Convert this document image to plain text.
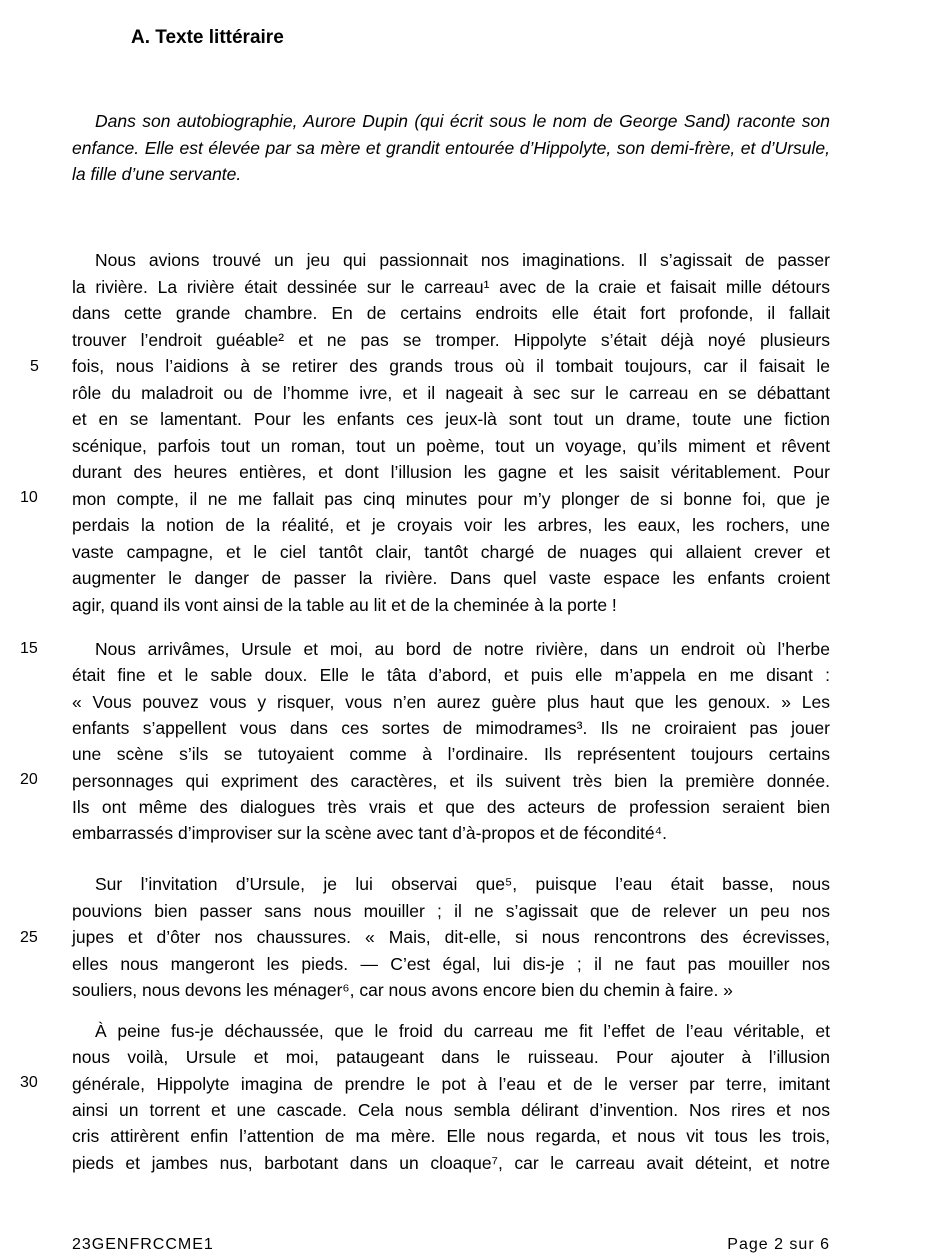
A. Texte littéraire
Dans son autobiographie, Aurore Dupin (qui écrit sous le nom de George Sand) raconte son enfance. Elle est élevée par sa mère et grandit entourée d’Hippolyte, son demi-frère, et d’Ursule, la fille d’une servante.
5
10
15
20
25
30
Nous avions trouvé un jeu qui passionnait nos imaginations. Il s’agissait de passer
la rivière. La rivière était dessinée sur le carreau¹ avec de la craie et faisait mille détours
dans cette grande chambre. En de certains endroits elle était fort profonde, il fallait
trouver l’endroit guéable² et ne pas se tromper. Hippolyte s’était déjà noyé plusieurs
fois, nous l’aidions à se retirer des grands trous où il tombait toujours, car il faisait le
rôle du maladroit ou de l’homme ivre, et il nageait à sec sur le carreau en se débattant
et en se lamentant. Pour les enfants ces jeux-là sont tout un drame, toute une fiction
scénique, parfois tout un roman, tout un poème, tout un voyage, qu’ils miment et rêvent
durant des heures entières, et dont l’illusion les gagne et les saisit véritablement. Pour
mon compte, il ne me fallait pas cinq minutes pour m’y plonger de si bonne foi, que je
perdais la notion de la réalité, et je croyais voir les arbres, les eaux, les rochers, une
vaste campagne, et le ciel tantôt clair, tantôt chargé de nuages qui allaient crever et
augmenter le danger de passer la rivière. Dans quel vaste espace les enfants croient
agir, quand ils vont ainsi de la table au lit et de la cheminée à la porte !
Nous arrivâmes, Ursule et moi, au bord de notre rivière, dans un endroit où l’herbe
était fine et le sable doux. Elle le tâta d’abord, et puis elle m’appela en me disant :
« Vous pouvez vous y risquer, vous n’en aurez guère plus haut que les genoux. » Les
enfants s’appellent vous dans ces sortes de mimodrames³. Ils ne croiraient pas jouer
une scène s’ils se tutoyaient comme à l’ordinaire. Ils représentent toujours certains
personnages qui expriment des caractères, et ils suivent très bien la première donnée.
Ils ont même des dialogues très vrais et que des acteurs de profession seraient bien
embarrassés d’improviser sur la scène avec tant d’à-propos et de fécondité⁴.
Sur l’invitation d’Ursule, je lui observai que⁵, puisque l’eau était basse, nous
pouvions bien passer sans nous mouiller ; il ne s’agissait que de relever un peu nos
jupes et d’ôter nos chaussures. « Mais, dit-elle, si nous rencontrons des écrevisses,
elles nous mangeront les pieds. — C’est égal, lui dis-je ; il ne faut pas mouiller nos
souliers, nous devons les ménager⁶, car nous avons encore bien du chemin à faire. »
À peine fus-je déchaussée, que le froid du carreau me fit l’effet de l’eau véritable, et
nous voilà, Ursule et moi, pataugeant dans le ruisseau. Pour ajouter à l’illusion
générale, Hippolyte imagina de prendre le pot à l’eau et de le verser par terre, imitant
ainsi un torrent et une cascade. Cela nous sembla délirant d’invention. Nos rires et nos
cris attirèrent enfin l’attention de ma mère. Elle nous regarda, et nous vit tous les trois,
pieds et jambes nus, barbotant dans un cloaque⁷, car le carreau avait déteint, et notre
23GENFRCCME1	Page 2 sur 6
